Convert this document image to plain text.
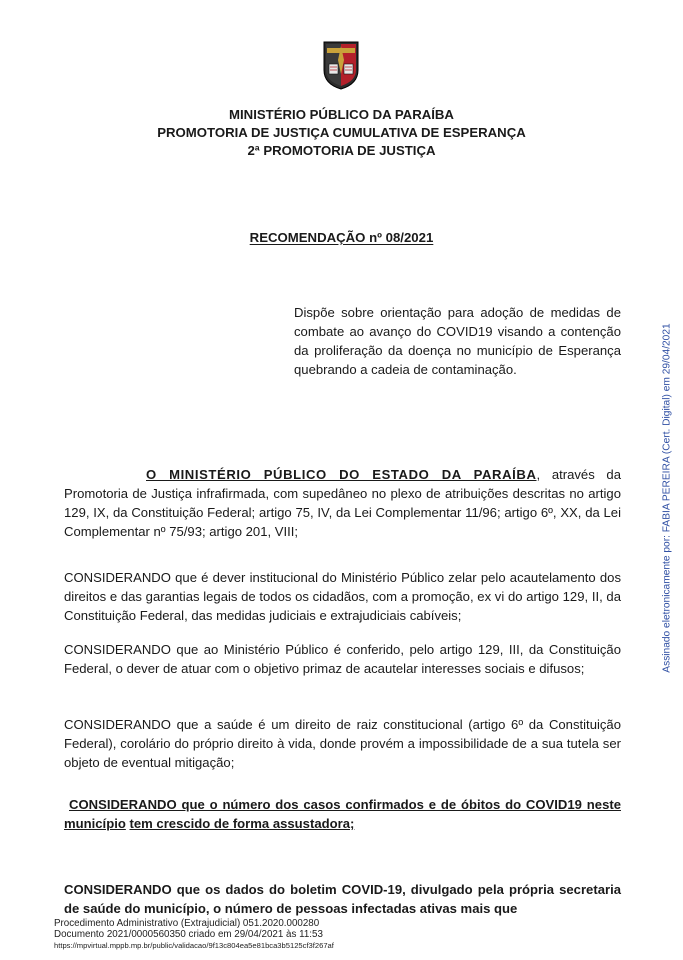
MINISTÉRIO PÚBLICO DA PARAÍBA
PROMOTORIA DE JUSTIÇA CUMULATIVA DE ESPERANÇA
2ª PROMOTORIA DE JUSTIÇA
RECOMENDAÇÃO nº 08/2021
Dispõe sobre orientação para adoção de medidas de combate ao avanço do COVID19 visando a contenção da proliferação da doença no município de Esperança quebrando a cadeia de contaminação.
O MINISTÉRIO PÚBLICO DO ESTADO DA PARAÍBA, através da Promotoria de Justiça infrafirmada, com supedâneo no plexo de atribuições descritas no artigo 129, IX, da Constituição Federal; artigo 75, IV, da Lei Complementar 11/96; artigo 6º, XX, da Lei Complementar nº 75/93; artigo 201, VIII;
CONSIDERANDO que é dever institucional do Ministério Público zelar pelo acautelamento dos direitos e das garantias legais de todos os cidadãos, com a promoção, ex vi do artigo 129, II, da Constituição Federal, das medidas judiciais e extrajudiciais cabíveis;
CONSIDERANDO que ao Ministério Público é conferido, pelo artigo 129, III, da Constituição Federal, o dever de atuar com o objetivo primaz de acautelar interesses sociais e difusos;
CONSIDERANDO que a saúde é um direito de raiz constitucional (artigo 6º da Constituição Federal), corolário do próprio direito à vida, donde provém a impossibilidade de a sua tutela ser objeto de eventual mitigação;
CONSIDERANDO que o número dos casos confirmados e de óbitos do COVID19 neste município tem crescido de forma assustadora;
CONSIDERANDO que os dados do boletim COVID-19, divulgado pela própria secretaria de saúde do município, o número de pessoas infectadas ativas mais que
Assinado eletronicamente por: FABIA PEREIRA (Cert. Digital) em 29/04/2021
Procedimento Administrativo (Extrajudicial) 051.2020.000280
Documento 2021/0000560350 criado em 29/04/2021 às 11:53
https://mpvirtual.mppb.mp.br/public/validacao/9f13c804ea5e81bca3b5125cf3f267af
